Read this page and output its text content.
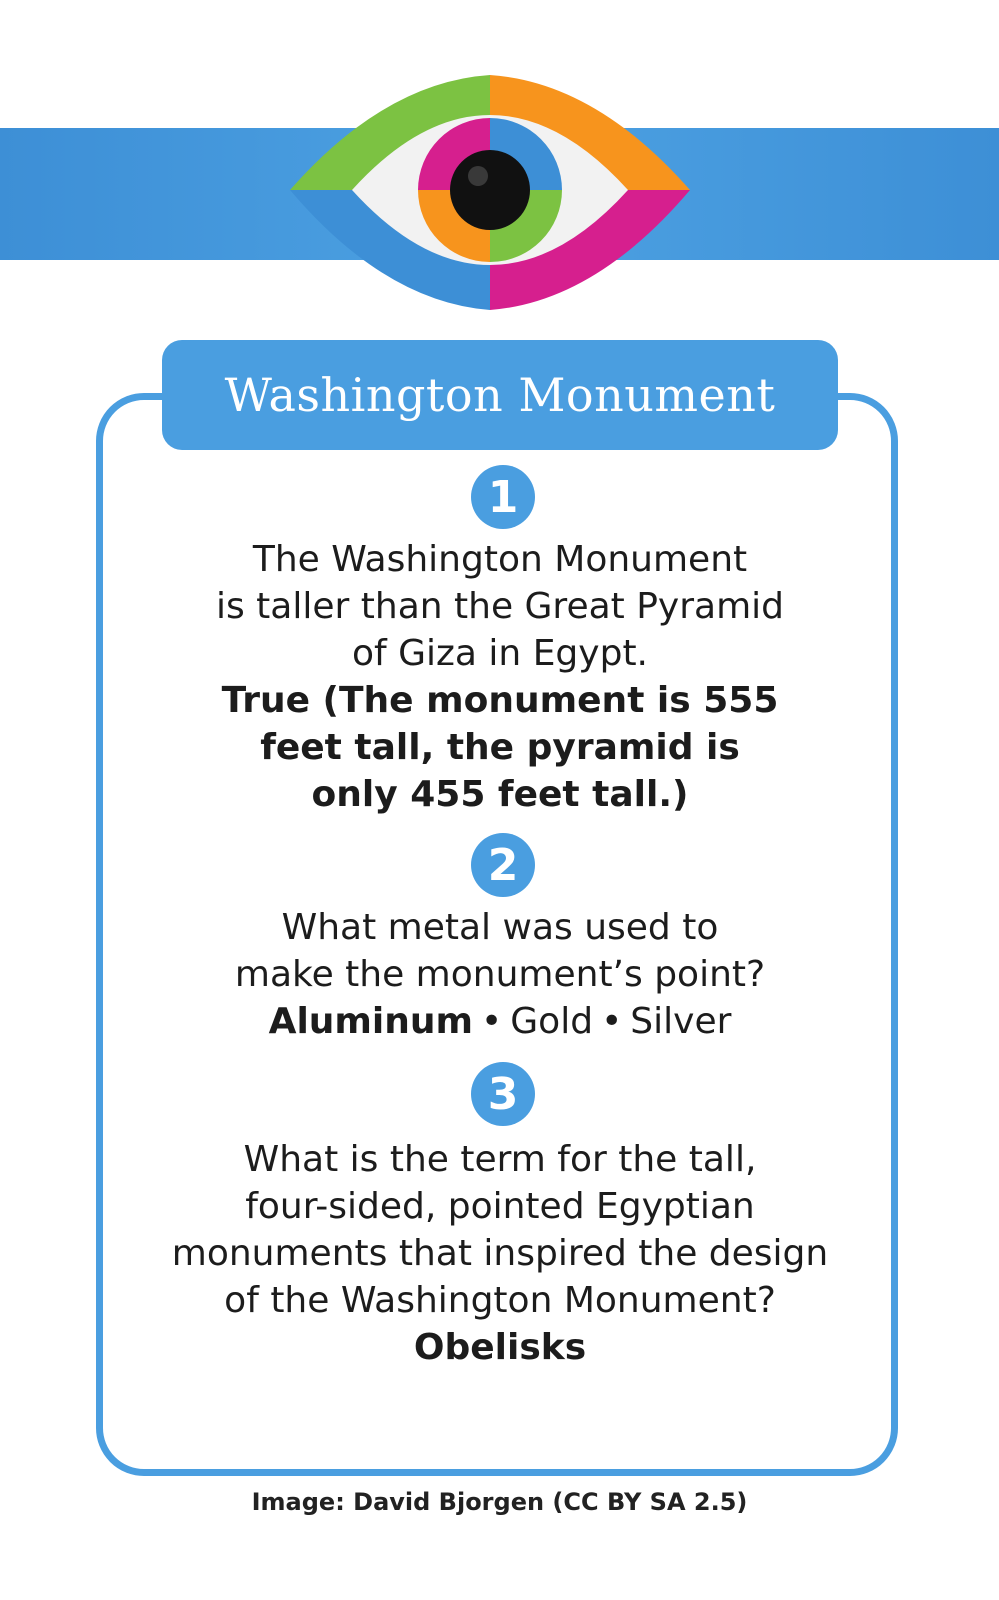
Washington Monument
1
The Washington Monument
is taller than the Great Pyramid
of Giza in Egypt.
True (The monument is 555
feet tall, the pyramid is
only 455 feet tall.)
2
What metal was used to
make the monument’s point?
Aluminum • Gold • Silver
3
What is the term for the tall,
four-sided, pointed Egyptian
monuments that inspired the design
of the Washington Monument?
Obelisks
Image: David Bjorgen (CC BY SA 2.5)
